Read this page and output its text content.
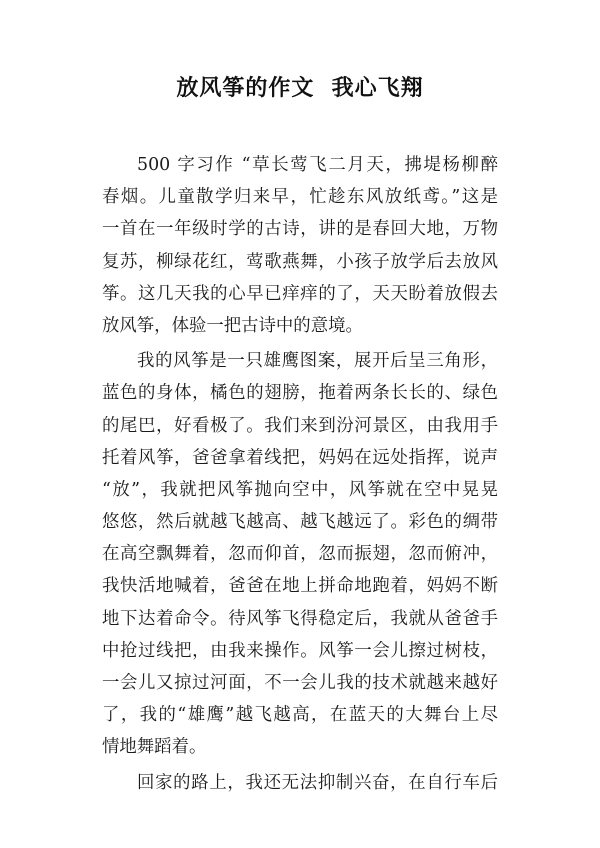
放风筝的作文  我心飞翔
500 字习作 “草长莺飞二月天，拂堤杨柳醉
春烟。儿童散学归来早，忙趁东风放纸鸢。”这是
一首在一年级时学的古诗，讲的是春回大地，万物
复苏，柳绿花红，莺歌燕舞，小孩子放学后去放风
筝。这几天我的心早已痒痒的了，天天盼着放假去
放风筝，体验一把古诗中的意境。
我的风筝是一只雄鹰图案，展开后呈三角形，
蓝色的身体，橘色的翅膀，拖着两条长长的、绿色
的尾巴，好看极了。我们来到汾河景区，由我用手
托着风筝，爸爸拿着线把，妈妈在远处指挥，说声
“放”，我就把风筝抛向空中，风筝就在空中晃晃
悠悠，然后就越飞越高、越飞越远了。彩色的绸带
在高空飘舞着，忽而仰首，忽而振翅，忽而俯冲，
我快活地喊着，爸爸在地上拼命地跑着，妈妈不断
地下达着命令。待风筝飞得稳定后，我就从爸爸手
中抢过线把，由我来操作。风筝一会儿擦过树枝，
一会儿又掠过河面，不一会儿我的技术就越来越好
了，我的“雄鹰”越飞越高，在蓝天的大舞台上尽
情地舞蹈着。
回家的路上，我还无法抑制兴奋，在自行车后
